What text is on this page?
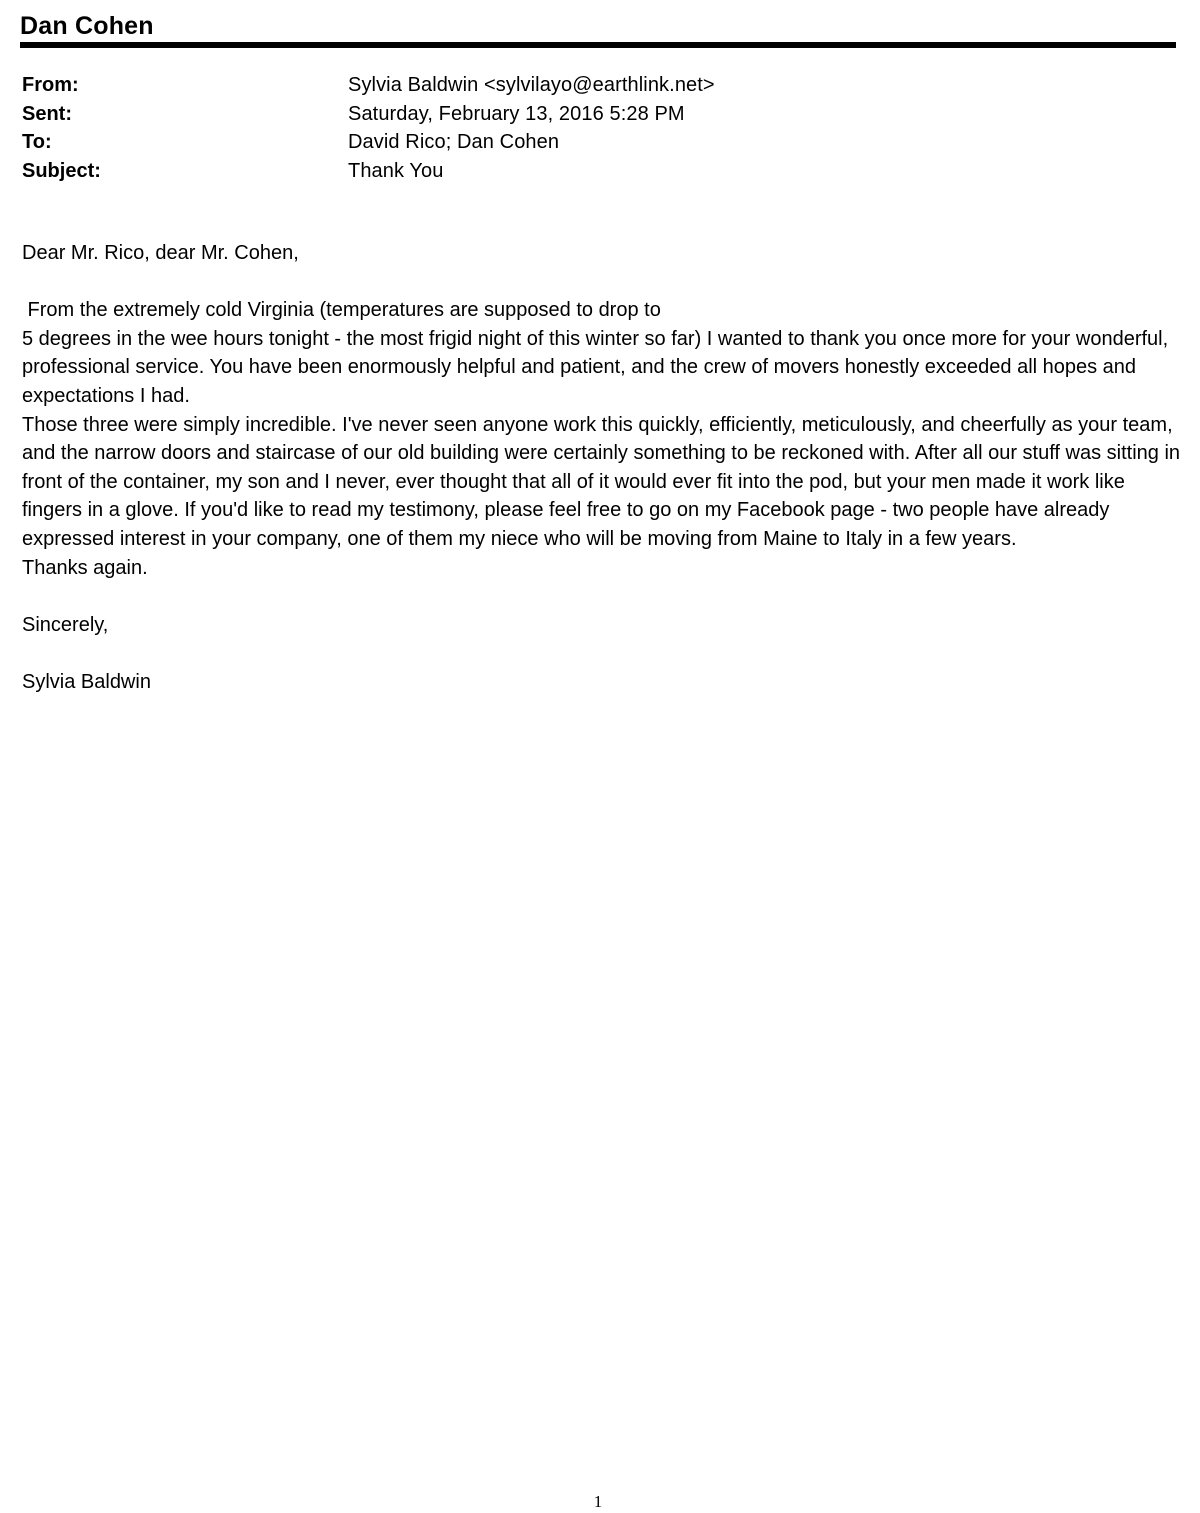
Dan Cohen
From:	Sylvia Baldwin <sylvilayo@earthlink.net>
Sent:	Saturday, February 13, 2016 5:28 PM
To:	David Rico; Dan Cohen
Subject:	Thank You

Dear Mr. Rico, dear Mr. Cohen,

From the extremely cold Virginia (temperatures are supposed to drop to

5 degrees in the wee hours tonight - the most frigid night of this winter so far) I wanted to thank you once more for your wonderful, professional service. You have been enormously helpful and patient, and the crew of movers honestly exceeded all hopes and expectations I had.

Those three were simply incredible. I've never seen anyone work this quickly, efficiently, meticulously, and cheerfully as your team, and the narrow doors and staircase of our old building were certainly something to be reckoned with. After all our stuff was sitting in front of the container, my son and I never, ever thought that all of it would ever fit into the pod, but your men made it work like fingers in a glove. If you'd like to read my testimony, please feel free to go on my Facebook page - two people have already expressed interest in your company, one of them my niece who will be moving from Maine to Italy in a few years.

Thanks again.

Sincerely,

Sylvia Baldwin

1
